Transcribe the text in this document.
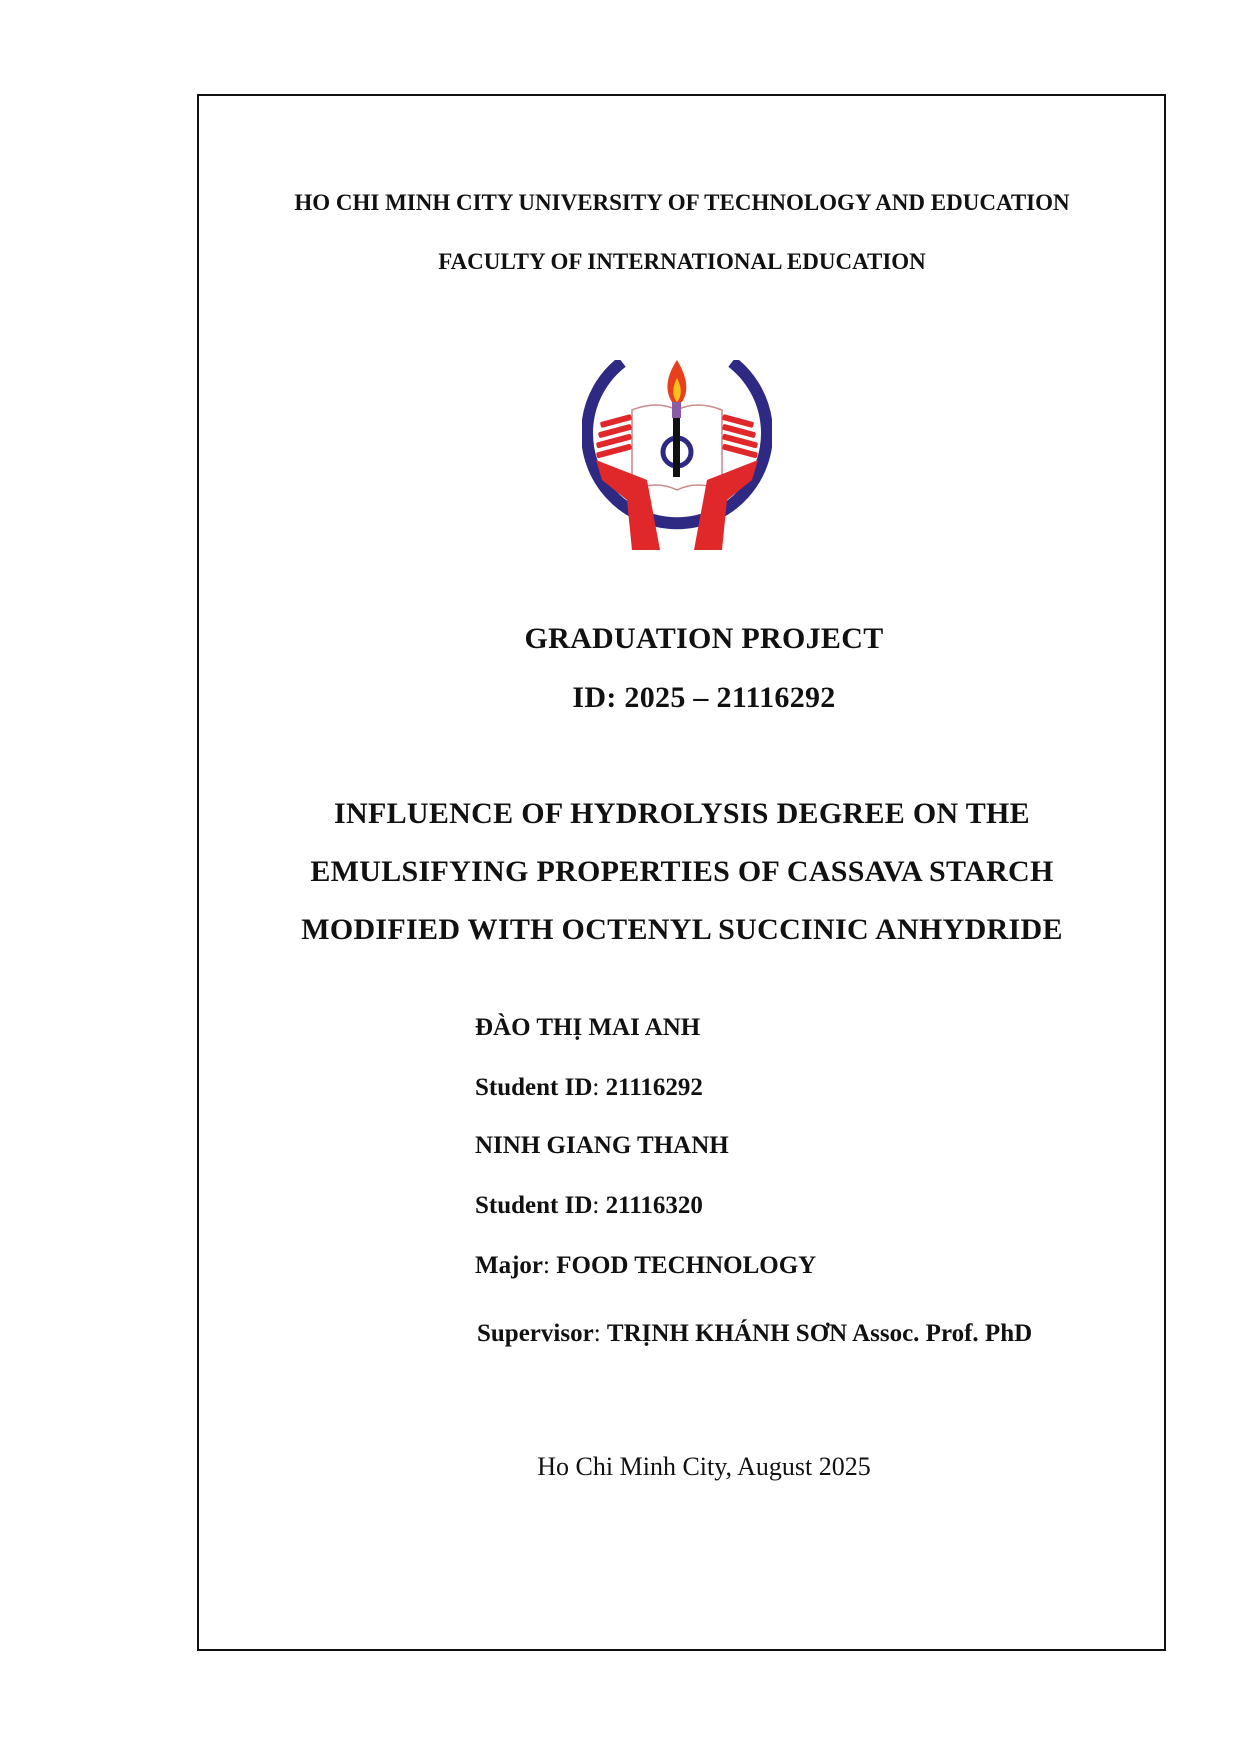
HO CHI MINH CITY UNIVERSITY OF TECHNOLOGY AND EDUCATION
FACULTY OF INTERNATIONAL EDUCATION
GRADUATION PROJECT
ID: 2025 – 21116292
INFLUENCE OF HYDROLYSIS DEGREE ON THE
EMULSIFYING PROPERTIES OF CASSAVA STARCH
MODIFIED WITH OCTENYL SUCCINIC ANHYDRIDE
ĐÀO THỊ MAI ANH
Student ID: 21116292
NINH GIANG THANH
Student ID: 21116320
Major: FOOD TECHNOLOGY
Supervisor: TRỊNH KHÁNH SƠN Assoc. Prof. PhD
Ho Chi Minh City, August 2025
